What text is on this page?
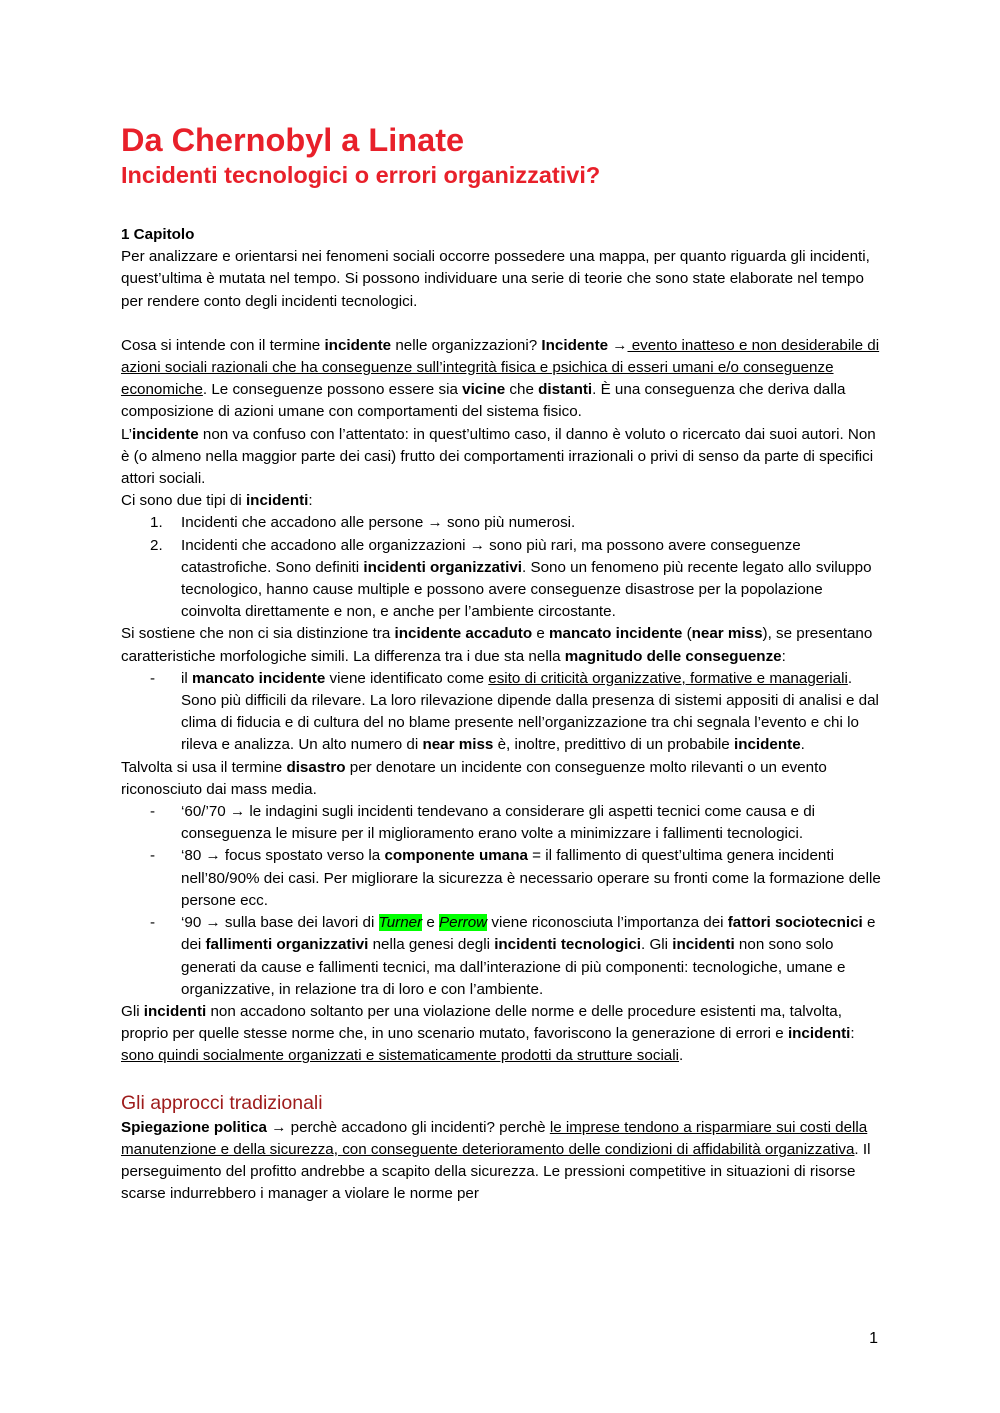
Da Chernobyl a Linate
Incidenti tecnologici o errori organizzativi?

1 Capitolo

Per analizzare e orientarsi nei fenomeni sociali occorre possedere una mappa, per quanto riguarda gli incidenti, quest’ultima è mutata nel tempo. Si possono individuare una serie di teorie che sono state elaborate nel tempo per rendere conto degli incidenti tecnologici.

Cosa si intende con il termine incidente nelle organizzazioni? Incidente → evento inatteso e non desiderabile di azioni sociali razionali che ha conseguenze sull’integrità fisica e psichica di esseri umani e/o conseguenze economiche. Le conseguenze possono essere sia vicine che distanti. È una conseguenza che deriva dalla composizione di azioni umane con comportamenti del sistema fisico.

L’incidente non va confuso con l’attentato: in quest’ultimo caso, il danno è voluto o ricercato dai suoi autori. Non è (o almeno nella maggior parte dei casi) frutto dei comportamenti irrazionali o privi di senso da parte di specifici attori sociali.

Ci sono due tipi di incidenti:

1. Incidenti che accadono alle persone → sono più numerosi.
2. Incidenti che accadono alle organizzazioni → sono più rari, ma possono avere conseguenze catastrofiche. Sono definiti incidenti organizzativi. Sono un fenomeno più recente legato allo sviluppo tecnologico, hanno cause multiple e possono avere conseguenze disastrose per la popolazione coinvolta direttamente e non, e anche per l’ambiente circostante.

Si sostiene che non ci sia distinzione tra incidente accaduto e mancato incidente (near miss), se presentano caratteristiche morfologiche simili. La differenza tra i due sta nella magnitudo delle conseguenze:

- il mancato incidente viene identificato come esito di criticità organizzative, formative e manageriali. Sono più difficili da rilevare. La loro rilevazione dipende dalla presenza di sistemi appositi di analisi e dal clima di fiducia e di cultura del no blame presente nell’organizzazione tra chi segnala l’evento e chi lo rileva e analizza. Un alto numero di near miss è, inoltre, predittivo di un probabile incidente.

Talvolta si usa il termine disastro per denotare un incidente con conseguenze molto rilevanti o un evento riconosciuto dai mass media.

- ‘60/’70 → le indagini sugli incidenti tendevano a considerare gli aspetti tecnici come causa e di conseguenza le misure per il miglioramento erano volte a minimizzare i fallimenti tecnologici.
- ‘80 → focus spostato verso la componente umana = il fallimento di quest’ultima genera incidenti nell’80/90% dei casi. Per migliorare la sicurezza è necessario operare su fronti come la formazione delle persone ecc.
- ‘90 → sulla base dei lavori di Turner e Perrow viene riconosciuta l’importanza dei fattori sociotecnici e dei fallimenti organizzativi nella genesi degli incidenti tecnologici. Gli incidenti non sono solo generati da cause e fallimenti tecnici, ma dall’interazione di più componenti: tecnologiche, umane e organizzative, in relazione tra di loro e con l’ambiente.

Gli incidenti non accadono soltanto per una violazione delle norme e delle procedure esistenti ma, talvolta, proprio per quelle stesse norme che, in uno scenario mutato, favoriscono la generazione di errori e incidenti: sono quindi socialmente organizzati e sistematicamente prodotti da strutture sociali.

Gli approcci tradizionali

Spiegazione politica → perchè accadono gli incidenti? perchè le imprese tendono a risparmiare sui costi della manutenzione e della sicurezza, con conseguente deterioramento delle condizioni di affidabilità organizzativa. Il perseguimento del profitto andrebbe a scapito della sicurezza. Le pressioni competitive in situazioni di risorse scarse indurrebbero i manager a violare le norme per

1
